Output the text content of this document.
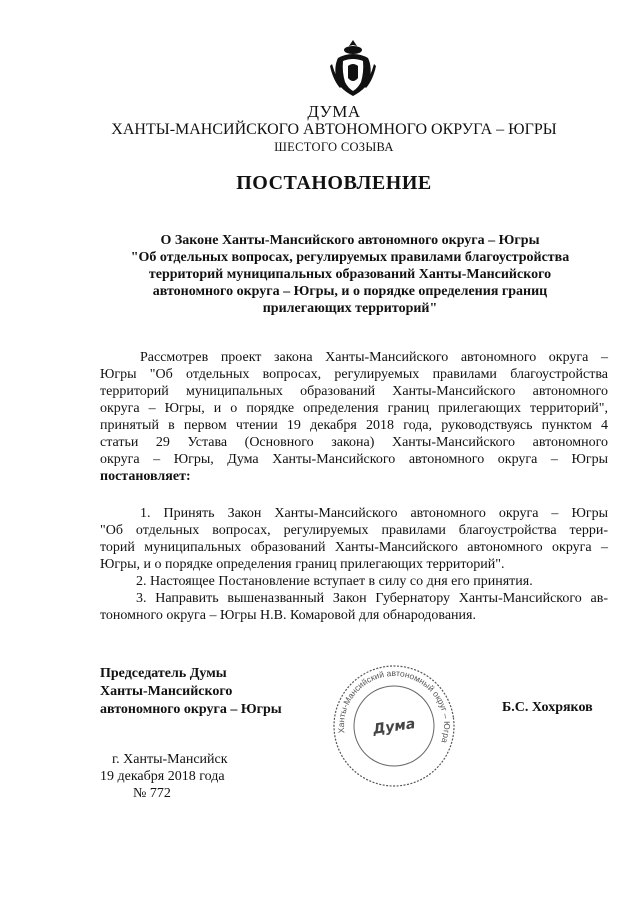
ДУМА
ХАНТЫ-МАНСИЙСКОГО АВТОНОМНОГО ОКРУГА – ЮГРЫ
ШЕСТОГО СОЗЫВА
ПОСТАНОВЛЕНИЕ
О Законе Ханты-Мансийского автономного округа – Югры
"Об отдельных вопросах, регулируемых правилами благоустройства
территорий муниципальных образований Ханты-Мансийского
автономного округа – Югры, и о порядке определения границ
прилегающих территорий"
Рассмотрев проект закона Ханты-Мансийского автономного округа –
Югры "Об отдельных вопросах, регулируемых правилами благоустройства
территорий муниципальных образований Ханты-Мансийского автономного
округа – Югры, и о порядке определения границ прилегающих территорий",
принятый в первом чтении 19 декабря 2018 года, руководствуясь пунктом 4
статьи 29 Устава (Основного закона) Ханты-Мансийского автономного
округа – Югры, Дума Ханты-Мансийского автономного округа – Югры
постановляет:
1. Принять Закон Ханты-Мансийского автономного округа – Югры
"Об отдельных вопросах, регулируемых правилами благоустройства терри-
торий муниципальных образований Ханты-Мансийского автономного округа –
Югры, и о порядке определения границ прилегающих территорий".
2. Настоящее Постановление вступает в силу со дня его принятия.
3. Направить вышеназванный Закон Губернатору Ханты-Мансийского ав-
тономного округа – Югры Н.В. Комаровой для обнародования.
Председатель Думы
Ханты-Мансийского
автономного округа – Югры
Ханты-Мансийский автономный округ – Югра
Дума
Б.С. Хохряков
г. Ханты-Мансийск
19 декабря 2018 года
№ 772
